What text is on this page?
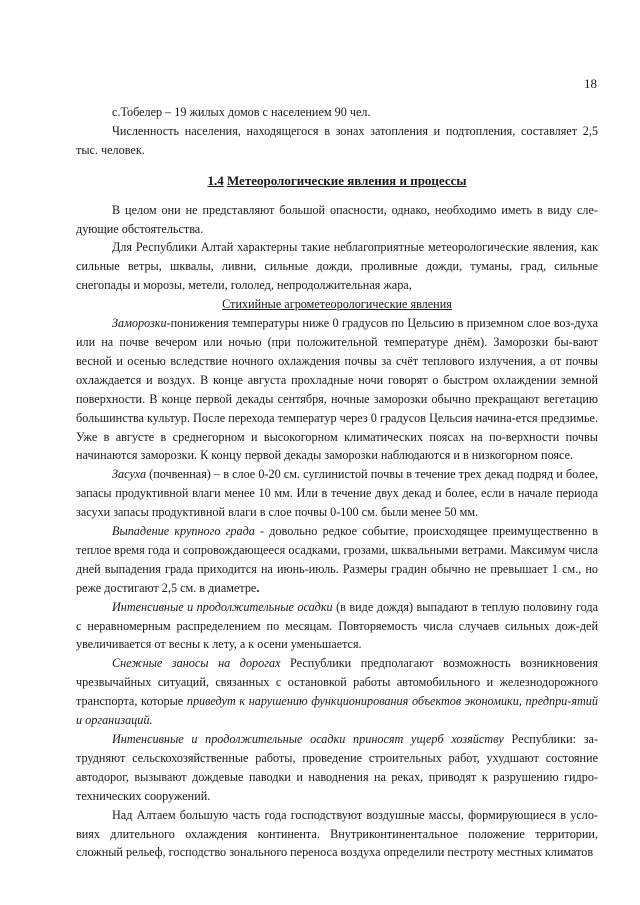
18

с.Тобелер – 19 жилых домов с населением 90 чел.

Численность населения, находящегося в зонах затопления и подтопления, составляет 2,5 тыс. человек.

1.4 Метеорологические явления и процессы

В целом они не представляют большой опасности, однако, необходимо иметь в виду сле-дующие обстоятельства.

Для Республики Алтай характерны такие неблагоприятные метеорологические явления, как сильные ветры, шквалы, ливни, сильные дожди, проливные дожди, туманы, град, сильные снегопады и морозы, метели, гололед, непродолжительная жара,

Стихийные агрометеорологические явления

Заморозки-понижения температуры ниже 0 градусов по Цельсию в приземном слое воз-духа или на почве вечером или ночью (при положительной температуре днём). Заморозки бы-вают весной и осенью вследствие ночного охлаждения почвы за счёт теплового излучения, а от почвы охлаждается и воздух. В конце августа прохладные ночи говорят о быстром охлаждении земной поверхности. В конце первой декады сентября, ночные заморозки обычно прекращают вегетацию большинства культур. После перехода температур через 0 градусов Цельсия начина-ется предзимье. Уже в августе в среднегорном и высокогорном климатических поясах на по-верхности почвы начинаются заморозки. К концу первой декады заморозки наблюдаются и в низкогорном поясе.

Засуха (почвенная) – в слое 0-20 см. суглинистой почвы в течение трех декад подряд и более, запасы продуктивной влаги менее 10 мм. Или в течение двух декад и более, если в начале периода засухи запасы продуктивной влаги в слое почвы 0-100 см. были менее 50 мм.

Выпадение крупного града - довольно редкое событие, происходящее преимущественно в теплое время года и сопровождающееся осадками, грозами, шквальными ветрами. Максимум числа дней выпадения града приходится на июнь-июль. Размеры градин обычно не превышает 1 см., но реже достигают 2,5 см. в диаметре.

Интенсивные и продолжительные осадки (в виде дождя) выпадают в теплую половину года с неравномерным распределением по месяцам. Повторяемость числа случаев сильных дож-дей увеличивается от весны к лету, а к осени уменьшается.

Снежные заносы на дорогах Республики предполагают возможность возникновения чрезвычайных ситуаций, связанных с остановкой работы автомобильного и железнодорожного транспорта, которые приведут к нарушению функционирования объектов экономики, предпри-ятий и организаций.

Интенсивные и продолжительные осадки приносят ущерб хозяйству Республики: за-трудняют сельскохозяйственные работы, проведение строительных работ, ухудшают состояние автодорог, вызывают дождевые паводки и наводнения на реках, приводят к разрушению гидро-технических сооружений.

Над Алтаем большую часть года господствуют воздушные массы, формирующиеся в усло-виях длительного охлаждения континента. Внутриконтинентальное положение территории, сложный рельеф, господство зонального переноса воздуха определили пестроту местных климатов
